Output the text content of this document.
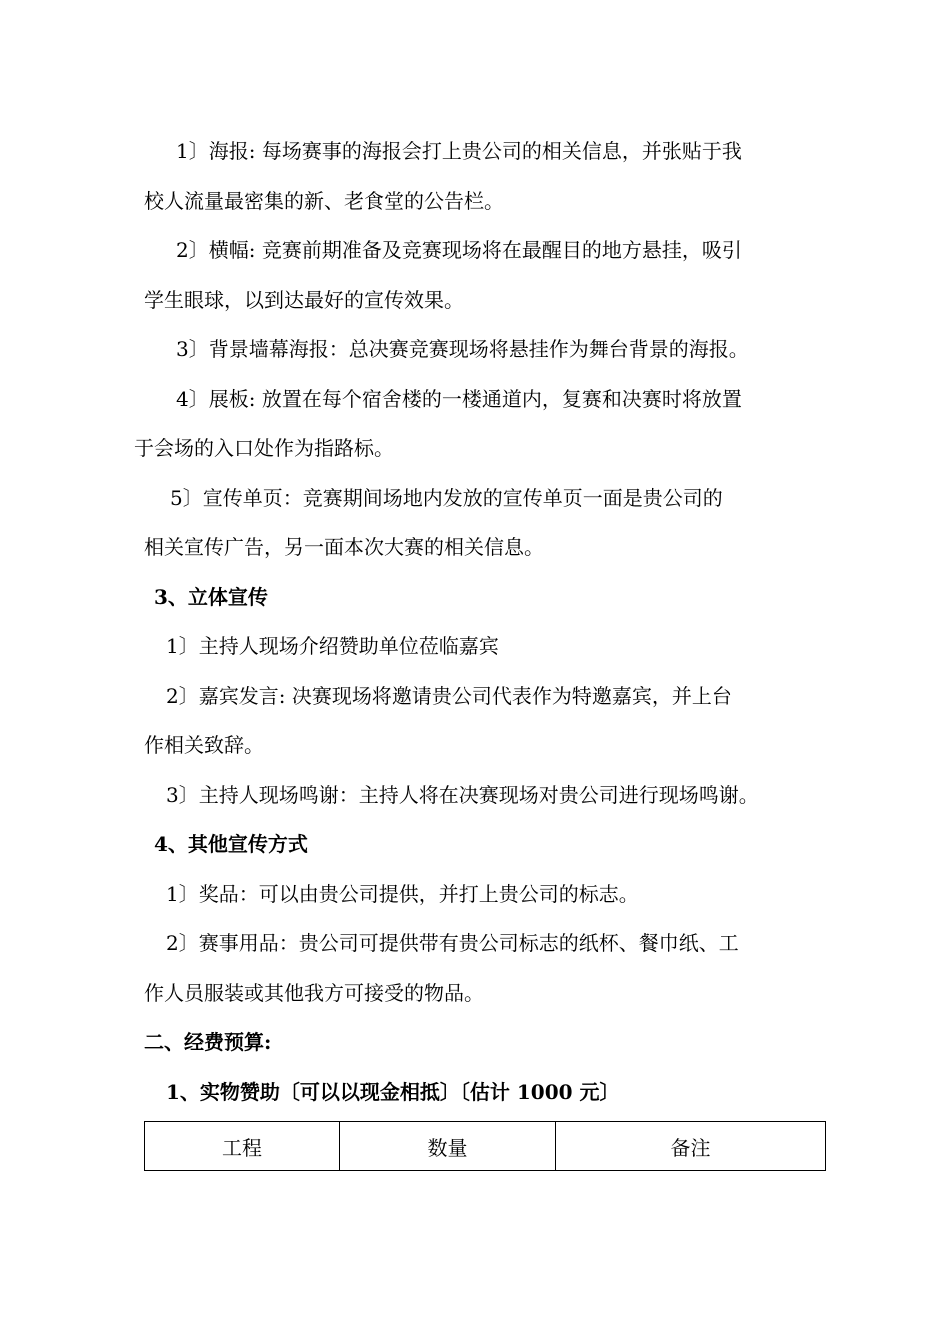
1〕海报: 每场赛事的海报会打上贵公司的相关信息，并张贴于我
校人流量最密集的新、老食堂的公告栏。
2〕横幅: 竞赛前期准备及竞赛现场将在最醒目的地方悬挂，吸引
学生眼球，以到达最好的宣传效果。
3〕背景墙幕海报：总决赛竞赛现场将悬挂作为舞台背景的海报。
4〕展板: 放置在每个宿舍楼的一楼通道内，复赛和决赛时将放置
于会场的入口处作为指路标。
5〕宣传单页：竞赛期间场地内发放的宣传单页一面是贵公司的
相关宣传广告，另一面本次大赛的相关信息。
3、立体宣传
1〕主持人现场介绍赞助单位莅临嘉宾
2〕嘉宾发言: 决赛现场将邀请贵公司代表作为特邀嘉宾，并上台
作相关致辞。
3〕主持人现场鸣谢：主持人将在决赛现场对贵公司进行现场鸣谢。
4、其他宣传方式
1〕奖品：可以由贵公司提供，并打上贵公司的标志。
2〕赛事用品：贵公司可提供带有贵公司标志的纸杯、餐巾纸、工
作人员服装或其他我方可接受的物品。
二、经费预算:
1、实物赞助〔可以以现金相抵〕〔估计 1000 元〕
工程	数量	备注
